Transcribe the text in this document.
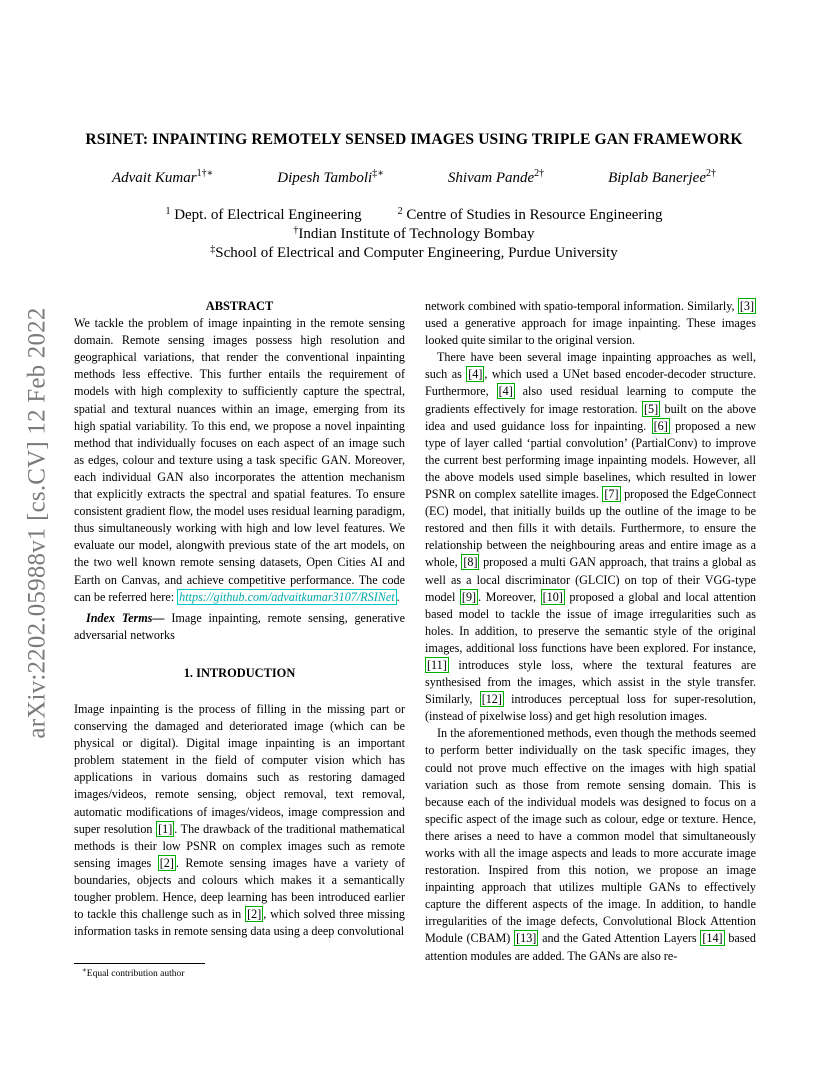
arXiv:2202.05988v1 [cs.CV] 12 Feb 2022
RSINET: INPAINTING REMOTELY SENSED IMAGES USING TRIPLE GAN FRAMEWORK
Advait Kumar$^{1\dagger∗}$	Dipesh Tamboli‡∗	Shivam Pande$^{2\dagger}$	Biplab Banerjee$^{2\dagger}$
$^1$ Dept. of Electrical Engineering	$^2$ Centre of Studies in Resource Engineering
†Indian Institute of Technology Bombay
‡School of Electrical and Computer Engineering, Purdue University
ABSTRACT

We tackle the problem of image inpainting in the remote sensing domain. Remote sensing images possess high resolution and geographical variations, that render the conventional inpainting methods less effective. This further entails the requirement of models with high complexity to sufficiently capture the spectral, spatial and textural nuances within an image, emerging from its high spatial variability. To this end, we propose a novel inpainting method that individually focuses on each aspect of an image such as edges, colour and texture using a task specific GAN. Moreover, each individual GAN also incorporates the attention mechanism that explicitly extracts the spectral and spatial features. To ensure consistent gradient flow, the model uses residual learning paradigm, thus simultaneously working with high and low level features. We evaluate our model, alongwith previous state of the art models, on the two well known remote sensing datasets, Open Cities AI and Earth on Canvas, and achieve competitive performance. The code can be referred here: https://github.com/advaitkumar3107/RSINet .

Index Terms— Image inpainting, remote sensing, generative adversarial networks

1. INTRODUCTION

Image inpainting is the process of filling in the missing part or conserving the damaged and deteriorated image (which can be physical or digital). Digital image inpainting is an important problem statement in the field of computer vision which has applications in various domains such as restoring damaged images/videos, remote sensing, object removal, text removal, automatic modifications of images/videos, image compression and super resolution [1] . The drawback of the traditional mathematical methods is their low PSNR on complex images such as remote sensing images [2] . Remote sensing images have a variety of boundaries, objects and colours which makes it a semantically tougher problem. Hence, deep learning has been introduced earlier to tackle this challenge such as in [2] , which solved three missing information tasks in remote sensing data using a deep convolutional

∗Equal contribution author

network combined with spatio-temporal information. Similarly, [3] used a generative approach for image inpainting. These images looked quite similar to the original version.

There have been several image inpainting approaches as well, such as [4] , which used a UNet based encoder-decoder structure. Furthermore, [4] also used residual learning to compute the gradients effectively for image restoration. [5] built on the above idea and used guidance loss for inpainting. [6] proposed a new type of layer called ‘partial convolution’ (PartialConv) to improve the current best performing image inpainting models. However, all the above models used simple baselines, which resulted in lower PSNR on complex satellite images. [7] proposed the EdgeConnect (EC) model, that initially builds up the outline of the image to be restored and then fills it with details. Furthermore, to ensure the relationship between the neighbouring areas and entire image as a whole, [8] proposed a multi GAN approach, that trains a global as well as a local discriminator (GLCIC) on top of their VGG-type model [9] . Moreover, [10] proposed a global and local attention based model to tackle the issue of image irregularities such as holes. In addition, to preserve the semantic style of the original images, additional loss functions have been explored. For instance, [11] introduces style loss, where the textural features are synthesised from the images, which assist in the style transfer. Similarly, [12] introduces perceptual loss for super-resolution, (instead of pixelwise loss) and get high resolution images.

In the aforementioned methods, even though the methods seemed to perform better individually on the task specific images, they could not prove much effective on the images with high spatial variation such as those from remote sensing domain. This is because each of the individual models was designed to focus on a specific aspect of the image such as colour, edge or texture. Hence, there arises a need to have a common model that simultaneously works with all the image aspects and leads to more accurate image restoration. Inspired from this notion, we propose an image inpainting approach that utilizes multiple GANs to effectively capture the different aspects of the image. In addition, to handle irregularities of the image defects, Convolutional Block Attention Module (CBAM) [13] and the Gated Attention Layers [14] based attention modules are added. The GANs are also re-
